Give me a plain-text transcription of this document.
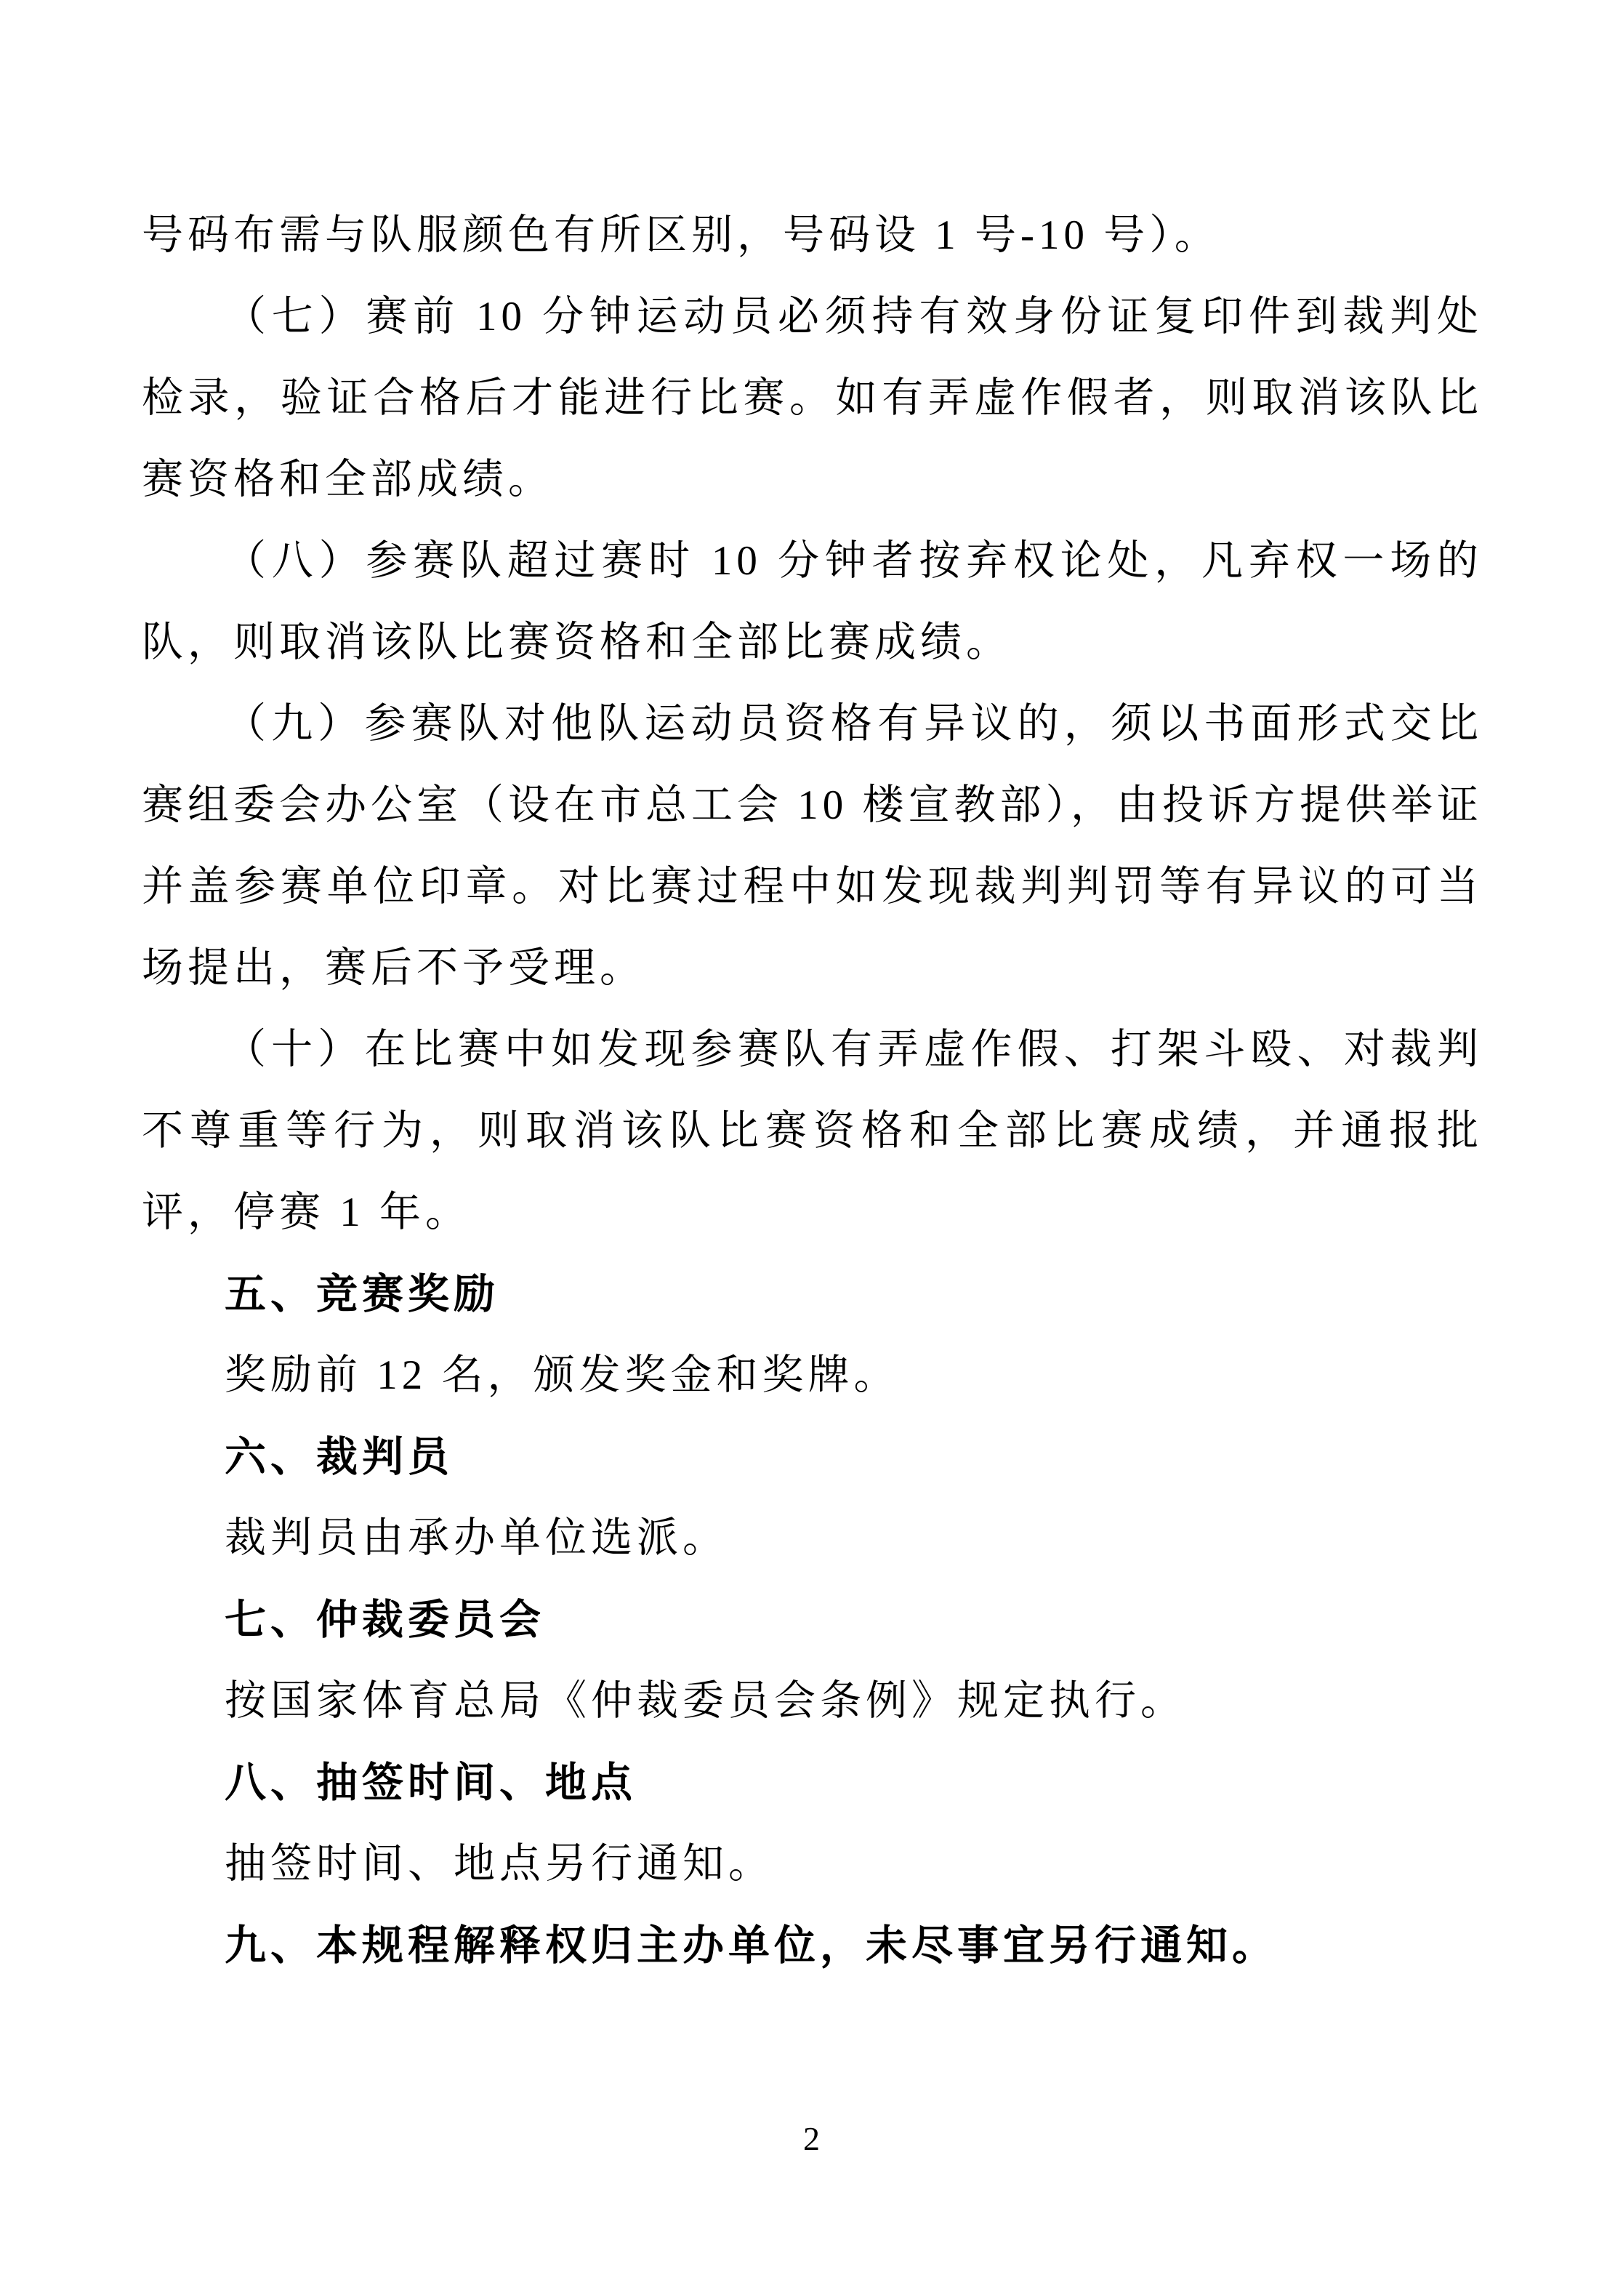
号码布需与队服颜色有所区别，号码设 1 号-10 号）。

（七）赛前 10 分钟运动员必须持有效身份证复印件到裁判处检录，验证合格后才能进行比赛。如有弄虚作假者，则取消该队比赛资格和全部成绩。

（八）参赛队超过赛时 10 分钟者按弃权论处，凡弃权一场的队，则取消该队比赛资格和全部比赛成绩。

（九）参赛队对他队运动员资格有异议的，须以书面形式交比赛组委会办公室（设在市总工会 10 楼宣教部），由投诉方提供举证并盖参赛单位印章。对比赛过程中如发现裁判判罚等有异议的可当场提出，赛后不予受理。

（十）在比赛中如发现参赛队有弄虚作假、打架斗殴、对裁判不尊重等行为，则取消该队比赛资格和全部比赛成绩，并通报批评，停赛 1 年。

五、竞赛奖励

奖励前 12 名，颁发奖金和奖牌。

六、裁判员

裁判员由承办单位选派。

七、仲裁委员会

按国家体育总局《仲裁委员会条例》规定执行。

八、抽签时间、地点

抽签时间、地点另行通知。

九、本规程解释权归主办单位，未尽事宜另行通知。

2
